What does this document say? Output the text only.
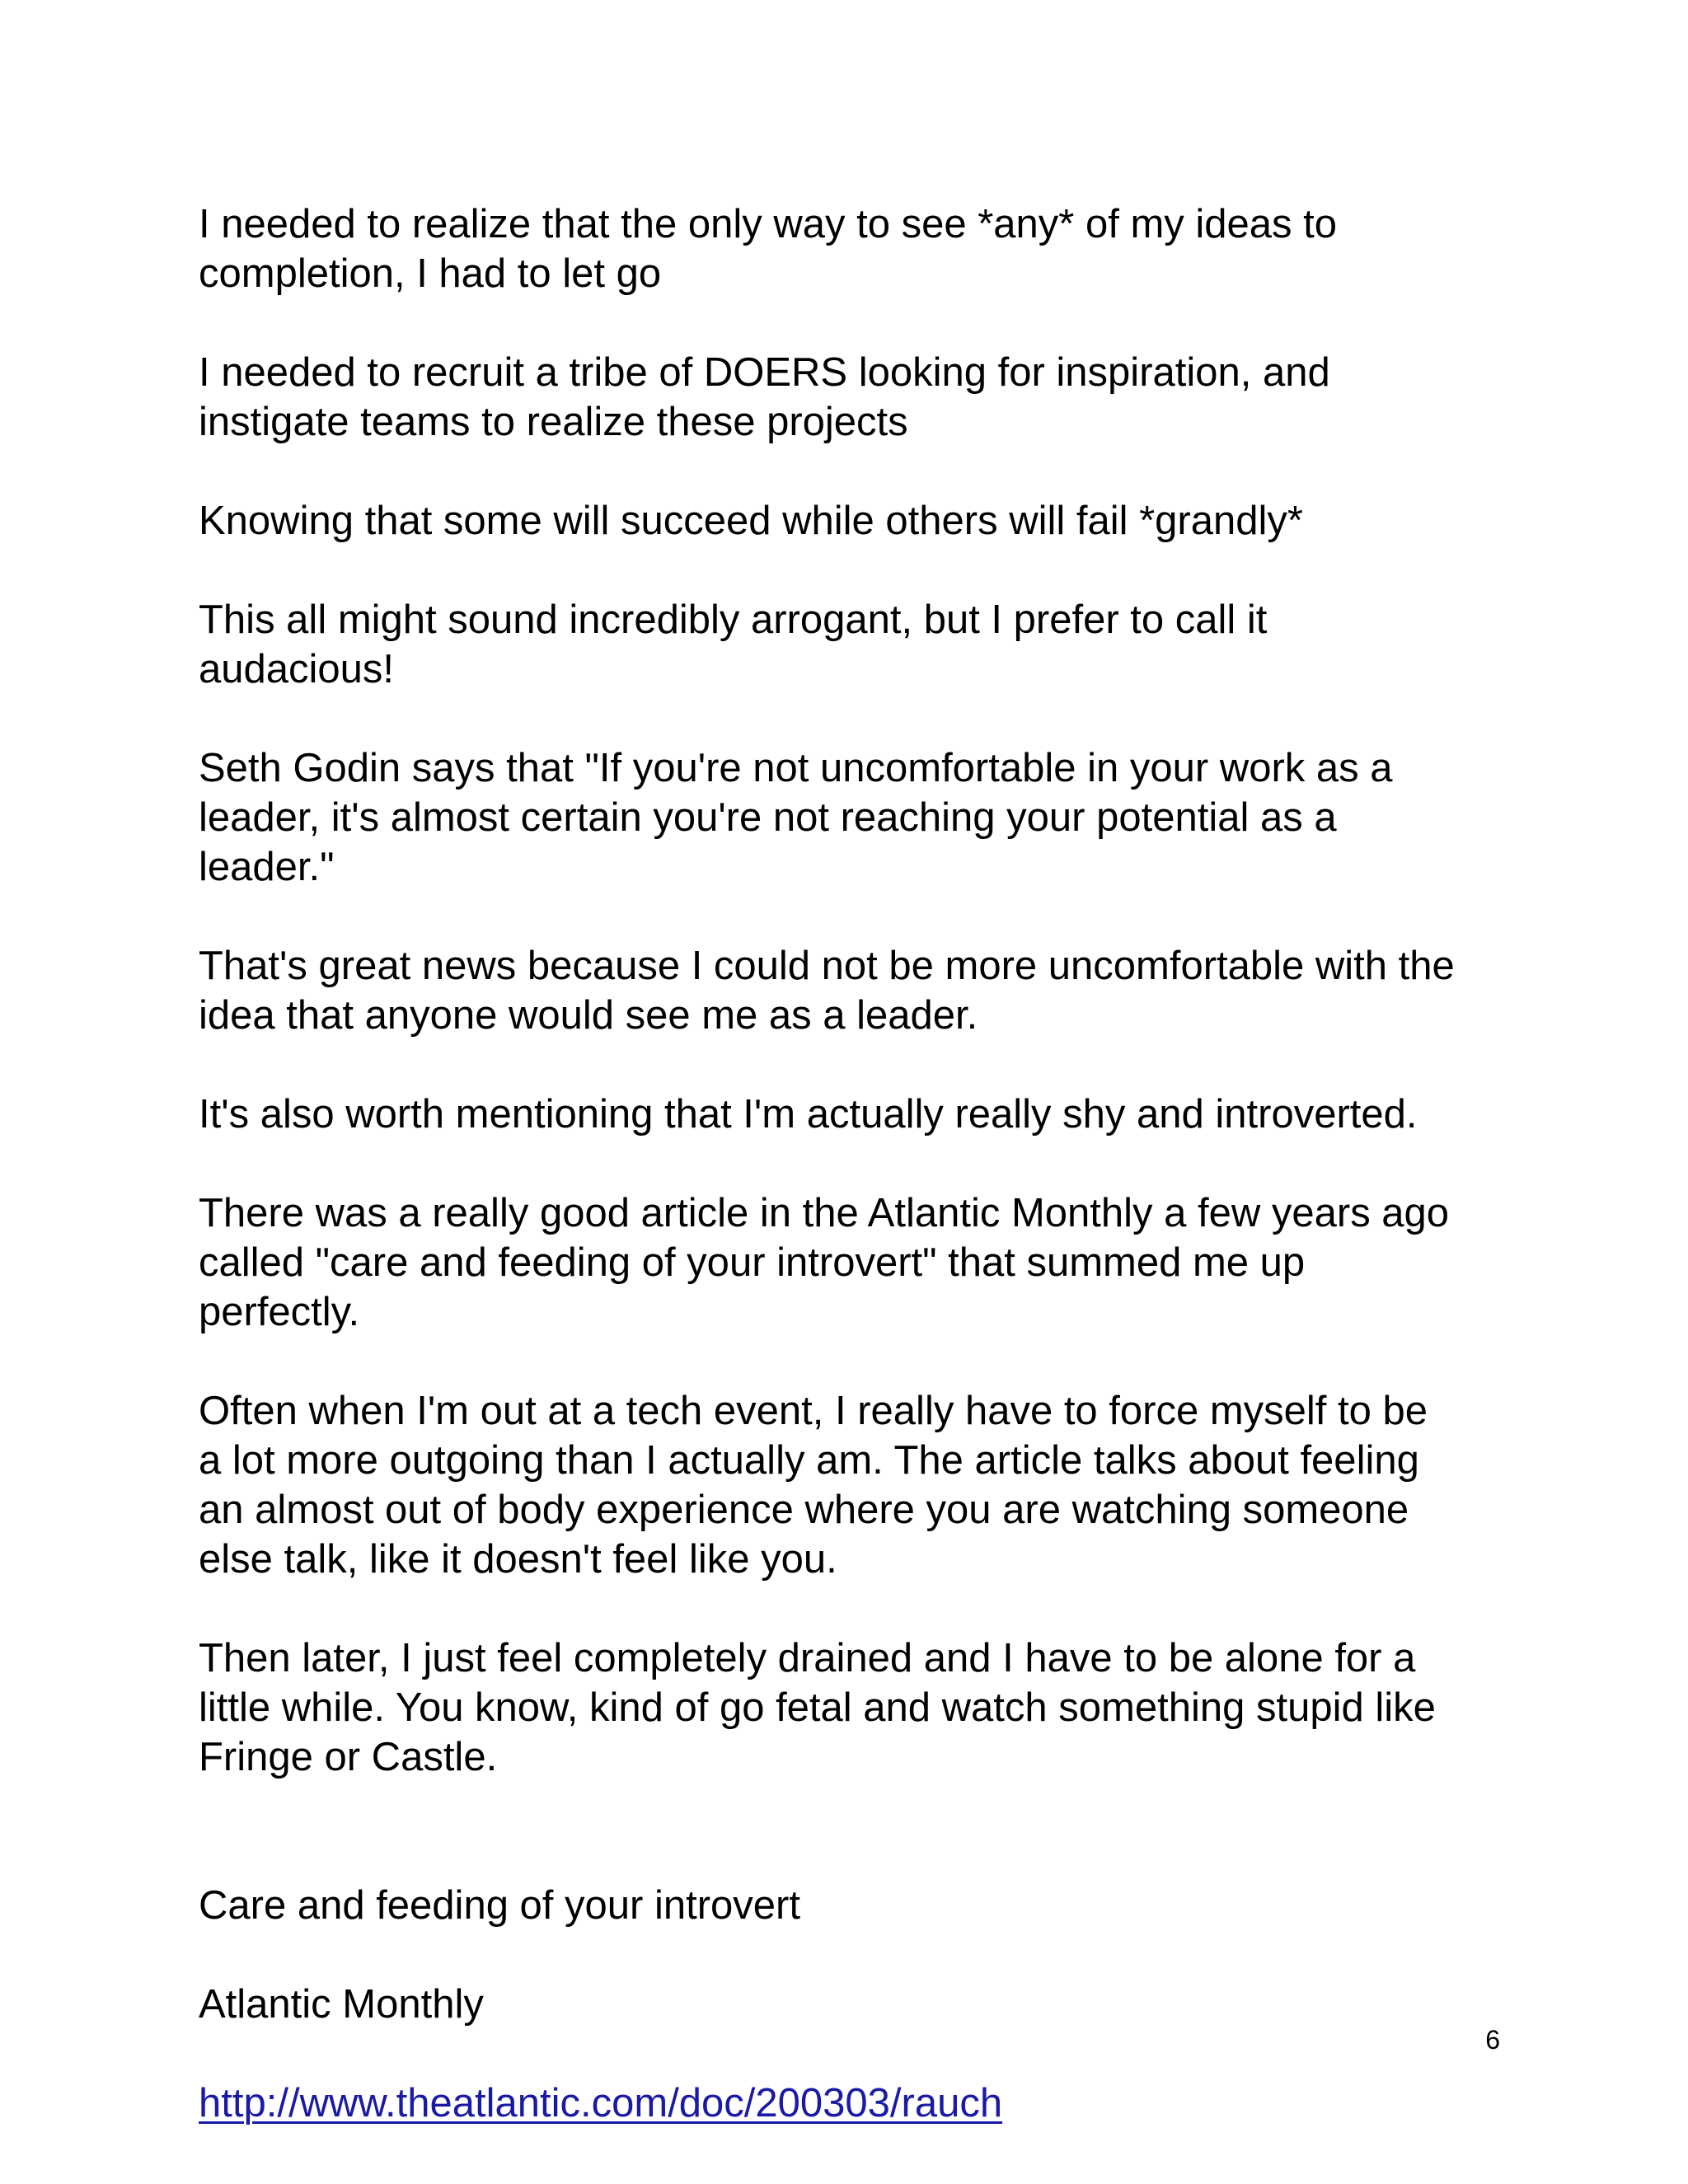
I needed to realize that the only way to see *any* of my ideas to
completion, I had to let go

I needed to recruit a tribe of DOERS looking for inspiration, and
instigate teams to realize these projects

Knowing that some will succeed while others will fail *grandly*

This all might sound incredibly arrogant, but I prefer to call it
audacious!

Seth Godin says that "If you're not uncomfortable in your work as a
leader, it's almost certain you're not reaching your potential as a
leader."

That's great news because I could not be more uncomfortable with the
idea that anyone would see me as a leader.

It's also worth mentioning that I'm actually really shy and introverted.

There was a really good article in the Atlantic Monthly a few years ago
called "care and feeding of your introvert" that summed me up
perfectly.

Often when I'm out at a tech event, I really have to force myself to be
a lot more outgoing than I actually am. The article talks about feeling
an almost out of body experience where you are watching someone
else talk, like it doesn't feel like you.

Then later, I just feel completely drained and I have to be alone for a
little while. You know, kind of go fetal and watch something stupid like
Fringe or Castle.

Care and feeding of your introvert

Atlantic Monthly

http://www.theatlantic.com/doc/200303/rauch

6
